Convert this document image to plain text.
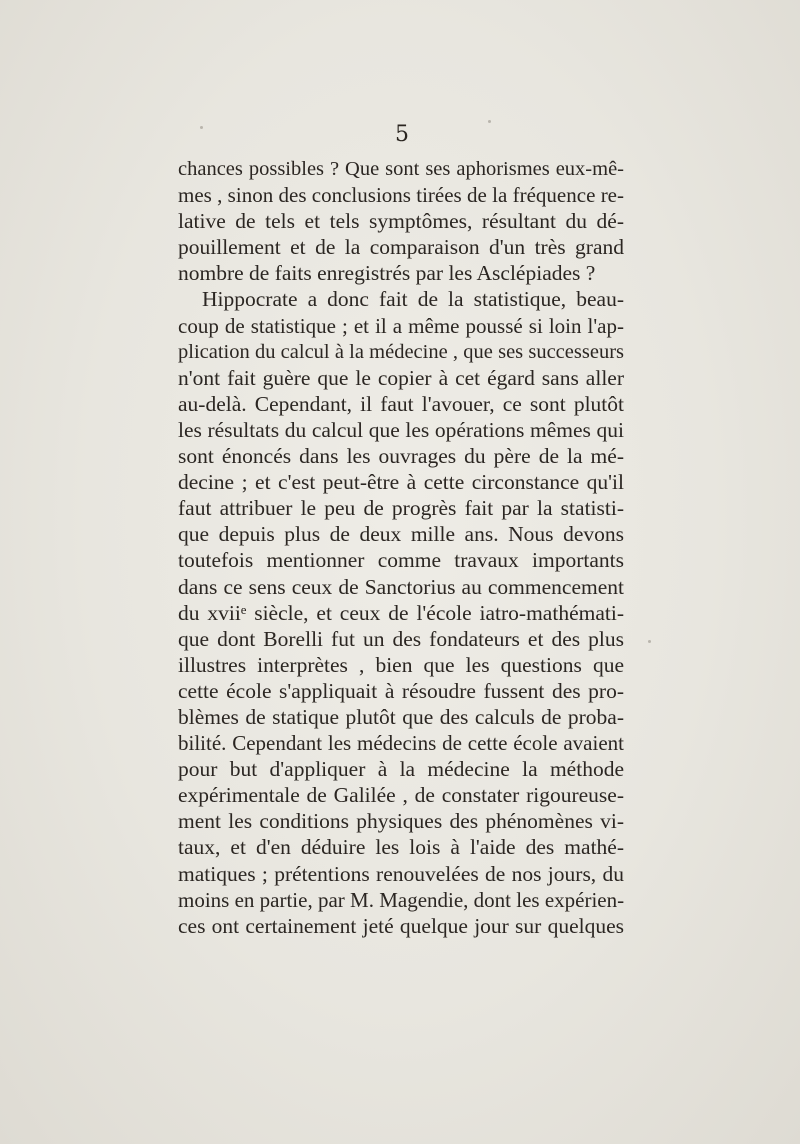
5
chances possibles ? Que sont ses aphorismes eux-mê-
mes , sinon des conclusions tirées de la fréquence re-
lative de tels et tels symptômes, résultant du dé-
pouillement et de la comparaison d'un très grand
nombre de faits enregistrés par les Asclépiades ?
Hippocrate a donc fait de la statistique, beau-
coup de statistique ; et il a même poussé si loin l'ap-
plication du calcul à la médecine , que ses successeurs
n'ont fait guère que le copier à cet égard sans aller
au-delà. Cependant, il faut l'avouer, ce sont plutôt
les résultats du calcul que les opérations mêmes qui
sont énoncés dans les ouvrages du père de la mé-
decine ; et c'est peut-être à cette circonstance qu'il
faut attribuer le peu de progrès fait par la statisti-
que depuis plus de deux mille ans. Nous devons
toutefois mentionner comme travaux importants
dans ce sens ceux de Sanctorius au commencement
du xviiᵉ siècle, et ceux de l'école iatro-mathémati-
que dont Borelli fut un des fondateurs et des plus
illustres interprètes , bien que les questions que
cette école s'appliquait à résoudre fussent des pro-
blèmes de statique plutôt que des calculs de proba-
bilité. Cependant les médecins de cette école avaient
pour but d'appliquer à la médecine la méthode
expérimentale de Galilée , de constater rigoureuse-
ment les conditions physiques des phénomènes vi-
taux, et d'en déduire les lois à l'aide des mathé-
matiques ; prétentions renouvelées de nos jours, du
moins en partie, par M. Magendie, dont les expérien-
ces ont certainement jeté quelque jour sur quelques
